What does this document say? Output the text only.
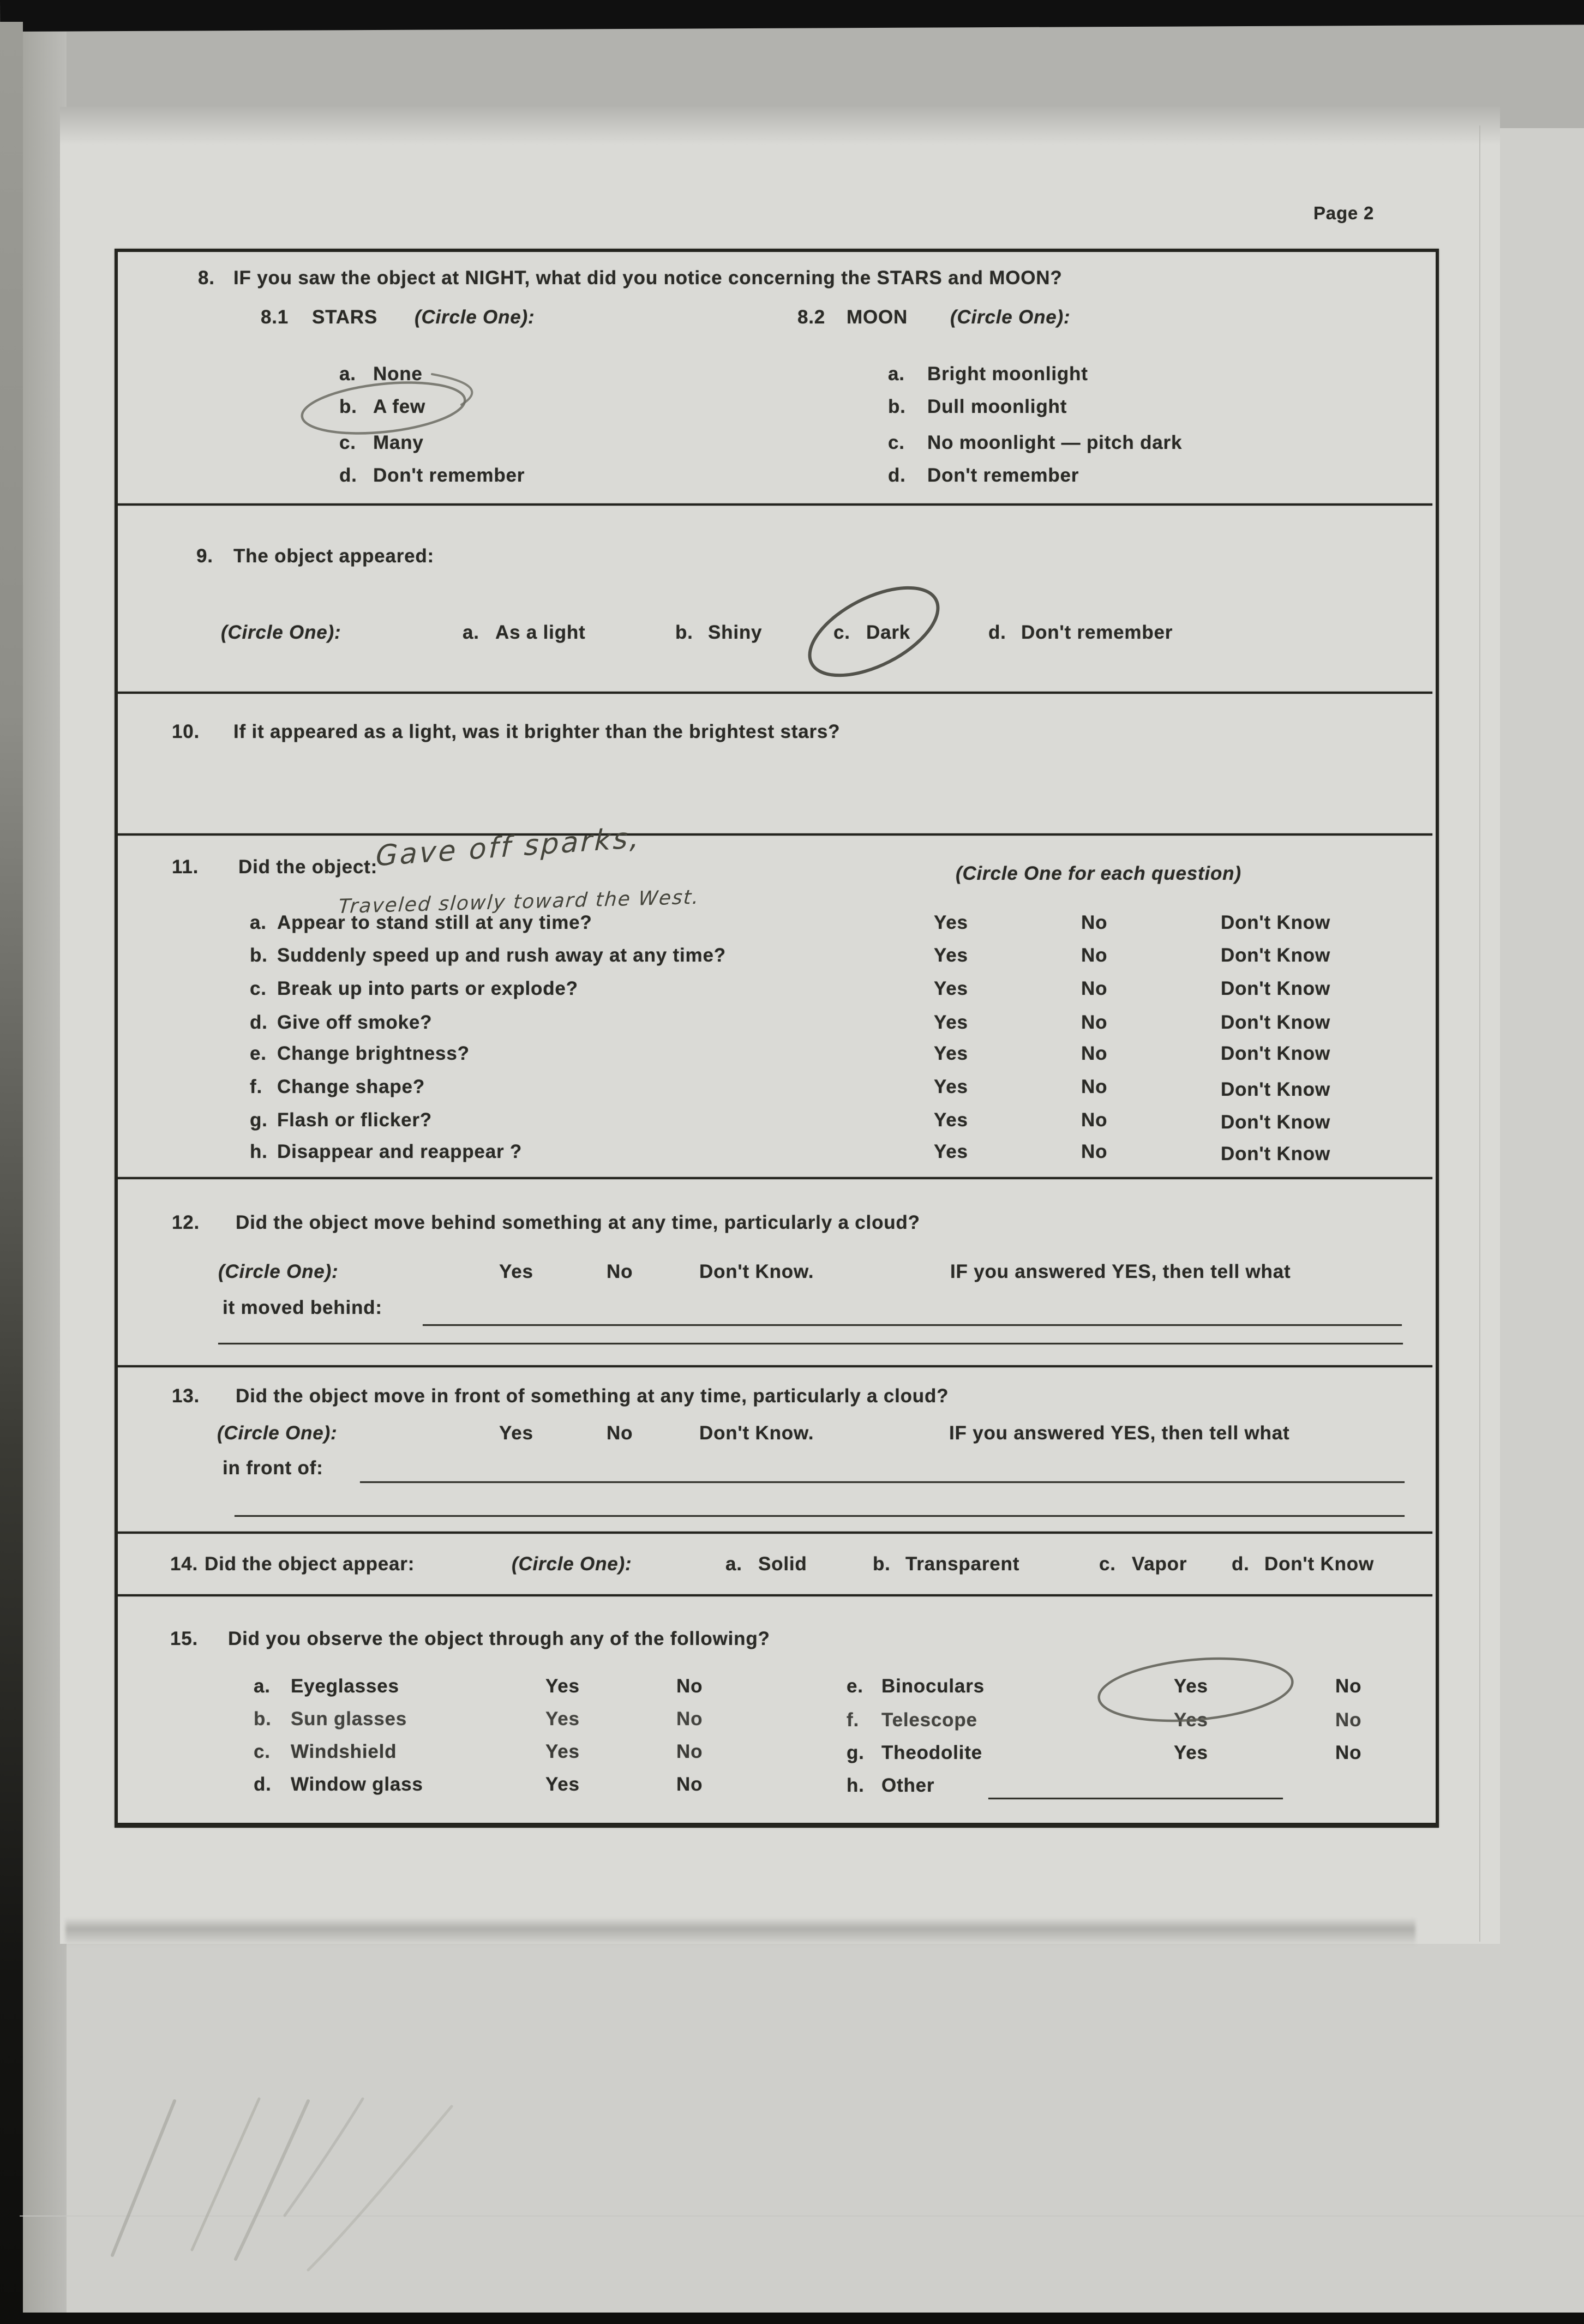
Page 2
8. IF you saw the object at NIGHT, what did you notice concerning the STARS and MOON?
8.1 STARS (Circle One):
a. None
b. A few
c. Many
d. Don't remember
8.2 MOON (Circle One):
a. Bright moonlight
b. Dull moonlight
c. No moonlight — pitch dark
d. Don't remember
9. The object appeared:
(Circle One):	a. As a light	b. Shiny	c. Dark	d. Don't remember
10. If it appeared as a light, was it brighter than the brightest stars?
11. Did the object:
Gave off sparks,
Traveled slowly toward the West.
(Circle One for each question)
a. Appear to stand still at any time?	Yes	No	Don't Know
b. Suddenly speed up and rush away at any time?	Yes	No	Don't Know
c. Break up into parts or explode?	Yes	No	Don't Know
d. Give off smoke?	Yes	No	Don't Know
e. Change brightness?	Yes	No	Don't Know
f. Change shape?	Yes	No	Don't Know
g. Flash or flicker?	Yes	No	Don't Know
h. Disappear and reappear ?	Yes	No	Don't Know
12. Did the object move behind something at any time, particularly a cloud?
(Circle One):	Yes	No	Don't Know.	IF you answered YES, then tell what
it moved behind:
13. Did the object move in front of something at any time, particularly a cloud?
(Circle One):	Yes	No	Don't Know.	IF you answered YES, then tell what
in front of:
14. Did the object appear:	(Circle One):	a. Solid	b. Transparent	c. Vapor d. Don't Know
15. Did you observe the object through any of the following?
a. Eyeglasses	Yes	No
b. Sun glasses	Yes	No
c. Windshield	Yes	No
d. Window glass	Yes	No
e. Binoculars	Yes	No
f. Telescope	Yes	No
g. Theodolite	Yes	No
h. Other
